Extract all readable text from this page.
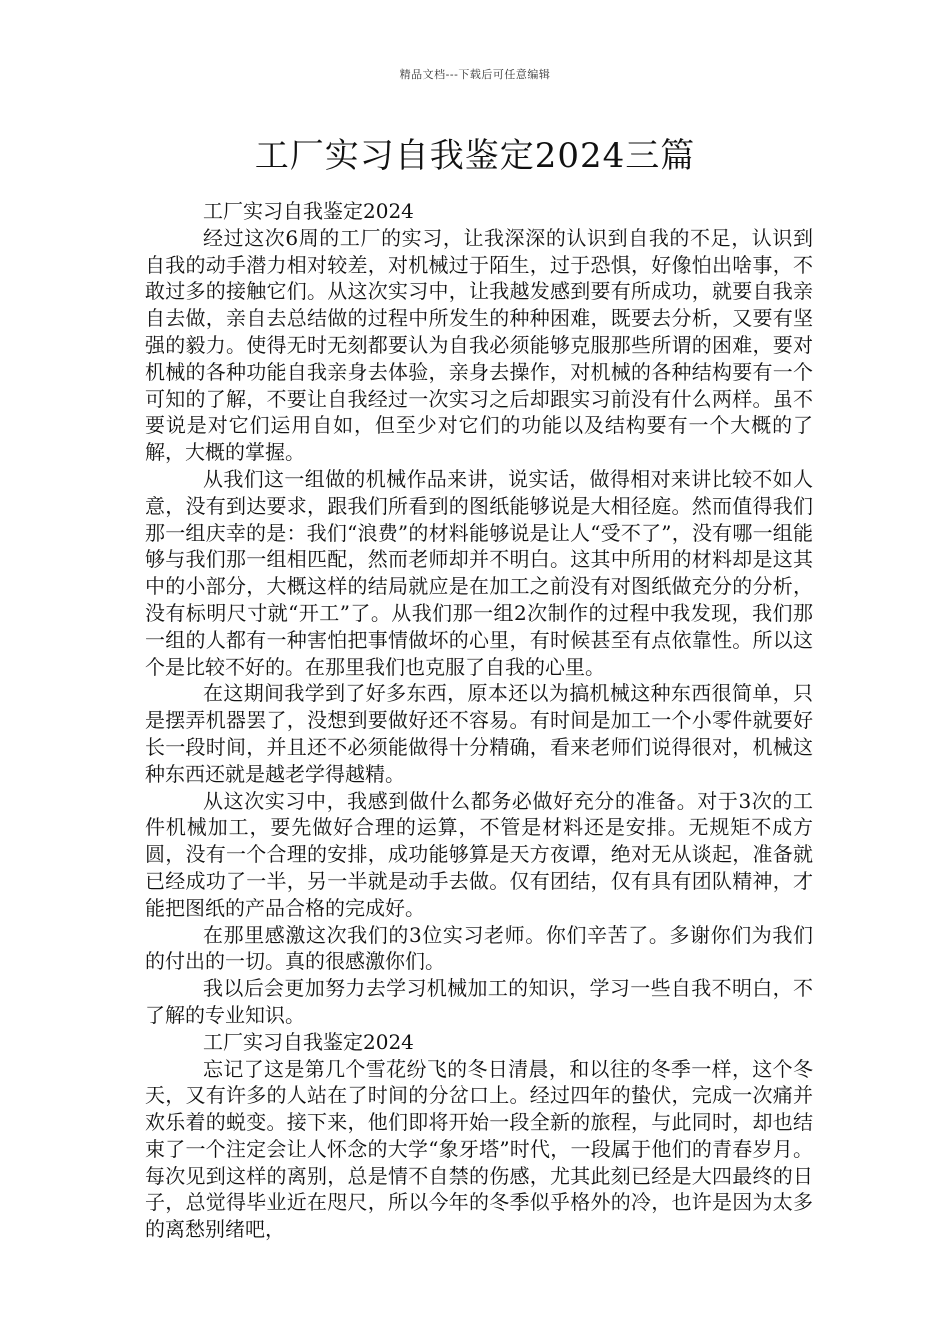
精品文档---下载后可任意编辑
工厂实习自我鉴定2024三篇

工厂实习自我鉴定2024

经过这次6周的工厂的实习，让我深深的认识到自我的不足，认识到自我的动手潜力相对较差，对机械过于陌生，过于恐惧，好像怕出啥事，不敢过多的接触它们。从这次实习中，让我越发感到要有所成功，就要自我亲自去做，亲自去总结做的过程中所发生的种种困难，既要去分析，又要有坚强的毅力。使得无时无刻都要认为自我必须能够克服那些所谓的困难，要对机械的各种功能自我亲身去体验，亲身去操作，对机械的各种结构要有一个可知的了解，不要让自我经过一次实习之后却跟实习前没有什么两样。虽不要说是对它们运用自如，但至少对它们的功能以及结构要有一个大概的了解，大概的掌握。

从我们这一组做的机械作品来讲，说实话，做得相对来讲比较不如人意，没有到达要求，跟我们所看到的图纸能够说是大相径庭。然而值得我们那一组庆幸的是：我们“浪费”的材料能够说是让人“受不了”，没有哪一组能够与我们那一组相匹配，然而老师却并不明白。这其中所用的材料却是这其中的小部分，大概这样的结局就应是在加工之前没有对图纸做充分的分析，没有标明尺寸就“开工”了。从我们那一组2次制作的过程中我发现，我们那一组的人都有一种害怕把事情做坏的心里，有时候甚至有点依靠性。所以这个是比较不好的。在那里我们也克服了自我的心里。

在这期间我学到了好多东西，原本还以为搞机械这种东西很简单，只是摆弄机器罢了，没想到要做好还不容易。有时间是加工一个小零件就要好长一段时间，并且还不必须能做得十分精确，看来老师们说得很对，机械这种东西还就是越老学得越精。

从这次实习中，我感到做什么都务必做好充分的准备。对于3次的工件机械加工，要先做好合理的运算，不管是材料还是安排。无规矩不成方圆，没有一个合理的安排，成功能够算是天方夜谭，绝对无从谈起，准备就已经成功了一半，另一半就是动手去做。仅有团结，仅有具有团队精神，才能把图纸的产品合格的完成好。

在那里感激这次我们的3位实习老师。你们辛苦了。多谢你们为我们的付出的一切。真的很感激你们。

我以后会更加努力去学习机械加工的知识，学习一些自我不明白，不了解的专业知识。

工厂实习自我鉴定2024

忘记了这是第几个雪花纷飞的冬日清晨，和以往的冬季一样，这个冬天，又有许多的人站在了时间的分岔口上。经过四年的蛰伏，完成一次痛并欢乐着的蜕变。接下来，他们即将开始一段全新的旅程，与此同时，却也结束了一个注定会让人怀念的大学“象牙塔”时代，一段属于他们的青春岁月。每次见到这样的离别，总是情不自禁的伤感，尤其此刻已经是大四最终的日子，总觉得毕业近在咫尺，所以今年的冬季似乎格外的冷，也许是因为太多的离愁别绪吧，
